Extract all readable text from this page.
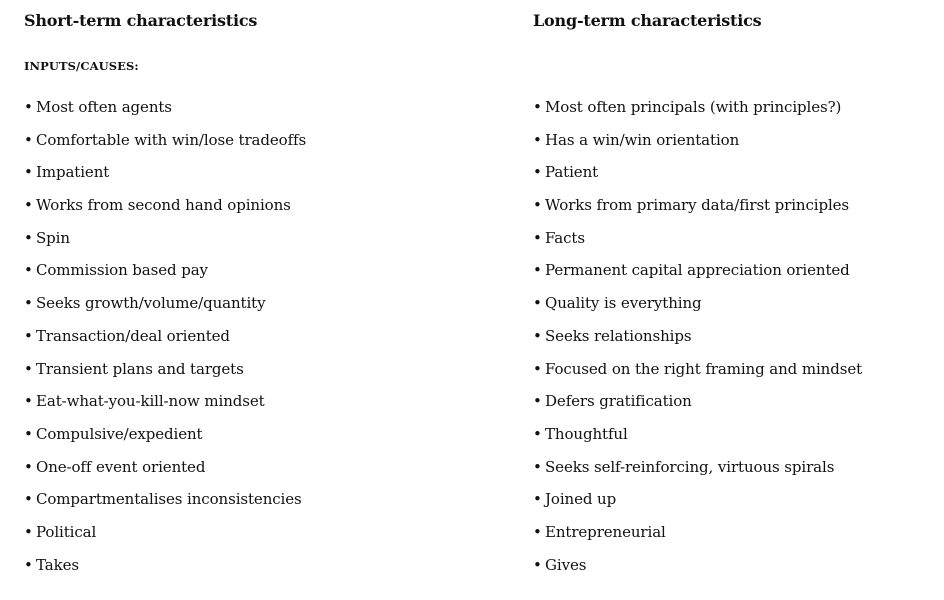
Short-term characteristics
INPUTS/CAUSES:
• Most often agents
• Comfortable with win/lose tradeoffs
• Impatient
• Works from second hand opinions
• Spin
• Commission based pay
• Seeks growth/volume/quantity
• Transaction/deal oriented
• Transient plans and targets
• Eat-what-you-kill-now mindset
• Compulsive/expedient
• One-off event oriented
• Compartmentalises inconsistencies
• Political
• Takes
Long-term characteristics
• Most often principals (with principles?)
• Has a win/win orientation
• Patient
• Works from primary data/first principles
• Facts
• Permanent capital appreciation oriented
• Quality is everything
• Seeks relationships
• Focused on the right framing and mindset
• Defers gratification
• Thoughtful
• Seeks self-reinforcing, virtuous spirals
• Joined up
• Entrepreneurial
• Gives
